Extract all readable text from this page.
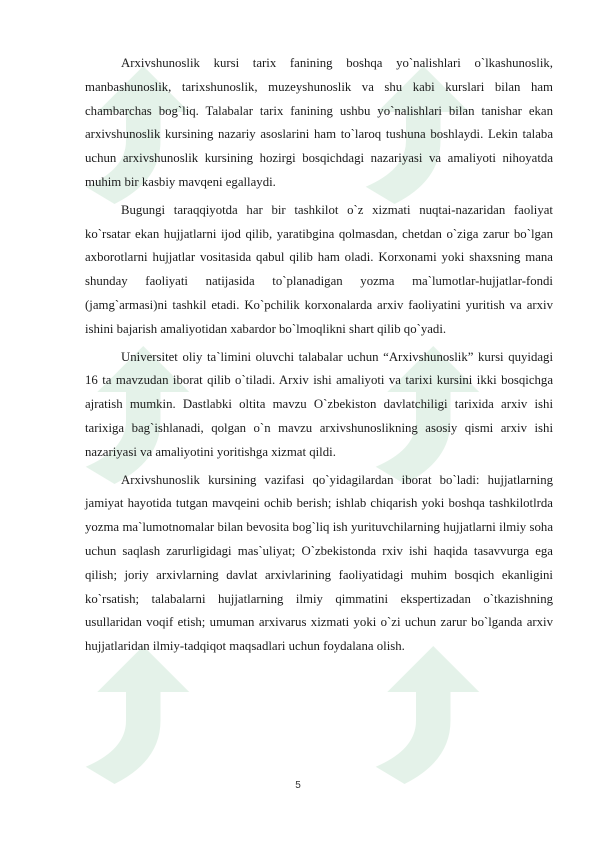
Arxivshunoslik kursi tarix fanining boshqa yo`nalishlari o`lkashunoslik, manbashunoslik, tarixshunoslik, muzeyshunoslik va shu kabi kurslari bilan ham chambarchas bog`liq. Talabalar tarix fanining ushbu yo`nalishlari bilan tanishar ekan arxivshunoslik kursining nazariy asoslarini ham to`laroq tushuna boshlaydi. Lekin talaba uchun arxivshunoslik kursining hozirgi bosqichdagi nazariyasi va amaliyoti nihoyatda muhim bir kasbiy mavqeni egallaydi.

Bugungi taraqqiyotda har bir tashkilot o`z xizmati nuqtai-nazaridan faoliyat ko`rsatar ekan hujjatlarni ijod qilib, yaratibgina qolmasdan, chetdan o`ziga zarur bo`lgan axborotlarni hujjatlar vositasida qabul qilib ham oladi. Korxonami yoki shaxsning mana shunday faoliyati natijasida to`planadigan yozma ma`lumotlar-hujjatlar-fondi (jamg`armasi)ni tashkil etadi. Ko`pchilik korxonalarda arxiv faoliyatini yuritish va arxiv ishini bajarish amaliyotidan xabardor bo`lmoqlikni shart qilib qo`yadi.

Universitet oliy ta`limini oluvchi talabalar uchun “Arxivshunoslik” kursi quyidagi 16 ta mavzudan iborat qilib o`tiladi. Arxiv ishi amaliyoti va tarixi kursini ikki bosqichga ajratish mumkin. Dastlabki oltita mavzu O`zbekiston davlatchiligi tarixida arxiv ishi tarixiga bag`ishlanadi, qolgan o`n mavzu arxivshunoslikning asosiy qismi arxiv ishi nazariyasi va amaliyotini yoritishga xizmat qildi.

Arxivshunoslik kursining vazifasi qo`yidagilardan iborat bo`ladi: hujjatlarning jamiyat hayotida tutgan mavqeini ochib berish; ishlab chiqarish yoki boshqa tashkilotlrda yozma ma`lumotnomalar bilan bevosita bog`liq ish yurituvchilarning hujjatlarni ilmiy soha uchun saqlash zarurligidagi mas`uliyat; O`zbekistonda rxiv ishi haqida tasavvurga ega qilish; joriy arxivlarning davlat arxivlarining faoliyatidagi muhim bosqich ekanligini ko`rsatish; talabalarni hujjatlarning ilmiy qimmatini ekspertizadan o`tkazishning usullaridan voqif etish; umuman arxivarus xizmati yoki o`zi uchun zarur bo`lganda arxiv hujjatlaridan ilmiy-tadqiqot maqsadlari uchun foydalana olish.

5
